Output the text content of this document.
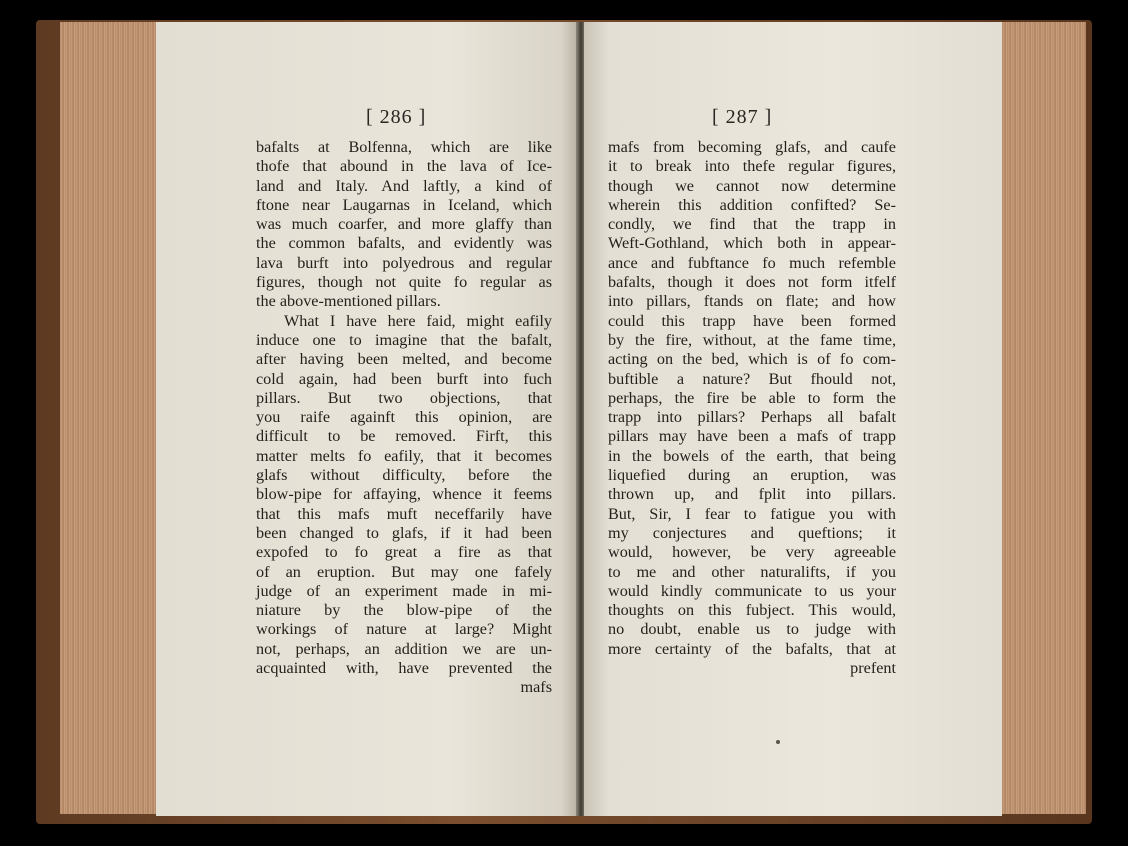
[ 286 ]
bafalts at Bolfenna, which are like
thofe that abound in the lava of Ice-
land and Italy. And laftly, a kind of
ftone near Laugarnas in Iceland, which
was much coarfer, and more glaffy than
the common bafalts, and evidently was
lava burft into polyedrous and regular
figures, though not quite fo regular as
the above-mentioned pillars.
What I have here faid, might eafily
induce one to imagine that the bafalt,
after having been melted, and become
cold again, had been burft into fuch
pillars. But two objections, that
you raife againft this opinion, are
difficult to be removed. Firft, this
matter melts fo eafily, that it becomes
glafs without difficulty, before the
blow-pipe for affaying, whence it feems
that this mafs muft neceffarily have
been changed to glafs, if it had been
expofed to fo great a fire as that
of an eruption. But may one fafely
judge of an experiment made in mi-
niature by the blow-pipe of the
workings of nature at large? Might
not, perhaps, an addition we are un-
acquainted with, have prevented the
mafs
[ 287 ]
mafs from becoming glafs, and caufe
it to break into thefe regular figures,
though we cannot now determine
wherein this addition confifted? Se-
condly, we find that the trapp in
Weft-Gothland, which both in appear-
ance and fubftance fo much refemble
bafalts, though it does not form itfelf
into pillars, ftands on flate; and how
could this trapp have been formed
by the fire, without, at the fame time,
acting on the bed, which is of fo com-
buftible a nature? But fhould not,
perhaps, the fire be able to form the
trapp into pillars? Perhaps all bafalt
pillars may have been a mafs of trapp
in the bowels of the earth, that being
liquefied during an eruption, was
thrown up, and fplit into pillars.
But, Sir, I fear to fatigue you with
my conjectures and queftions; it
would, however, be very agreeable
to me and other naturalifts, if you
would kindly communicate to us your
thoughts on this fubject. This would,
no doubt, enable us to judge with
more certainty of the bafalts, that at
prefent
